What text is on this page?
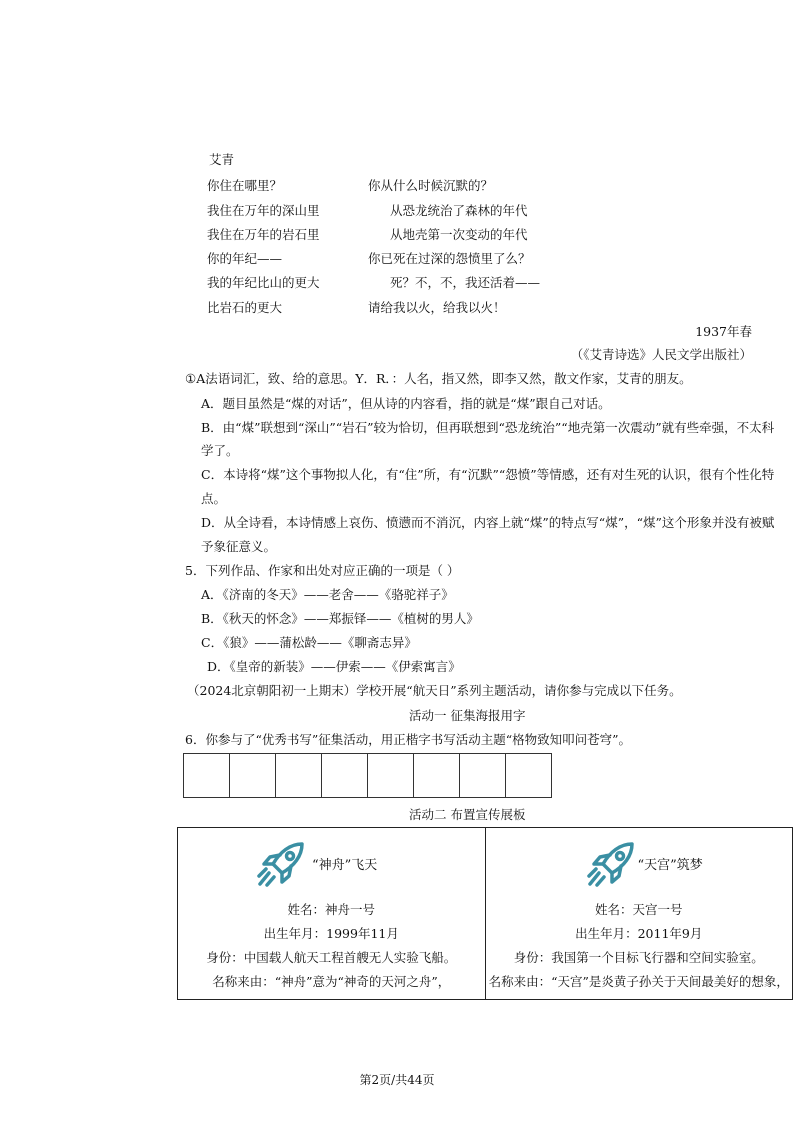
艾青
你住在哪里？
我住在万年的深山里
我住在万年的岩石里
你的年纪——
我的年纪比山的更大
比岩石的更大
你从什么时候沉默的？
从恐龙统治了森林的年代
从地壳第一次变动的年代
你已死在过深的怨愤里了么？
死？不，不，我还活着——
请给我以火，给我以火！
1937年春
（《艾青诗选》人民文学出版社）
①A法语词汇，致、给的意思。Y．R．：人名，指又然，即李又然，散文作家，艾青的朋友。
A．题目虽然是“煤的对话”，但从诗的内容看，指的就是“煤”跟自己对话。
B．由“煤”联想到“深山”“岩石”较为恰切，但再联想到“恐龙统治”“地壳第一次震动”就有些牵强，不太科
学了。
C．本诗将“煤”这个事物拟人化，有“住”所，有“沉默”“怨愤”等情感，还有对生死的认识，很有个性化特
点。
D．从全诗看，本诗情感上哀伤、愤懑而不消沉，内容上就“煤”的特点写“煤”，“煤”这个形象并没有被赋
予象征意义。
5．下列作品、作家和出处对应正确的一项是（ ）
A．《济南的冬天》——老舍——《骆驼祥子》
B．《秋天的怀念》——郑振铎——《植树的男人》
C．《狼》——蒲松龄——《聊斋志异》
D．《皇帝的新装》——伊索——《伊索寓言》
（2024北京朝阳初一上期末）学校开展“航天日”系列主题活动，请你参与完成以下任务。
活动一 征集海报用字
6．你参与了“优秀书写”征集活动，用正楷字书写活动主题“格物致知叩问苍穹”。
活动二 布置宣传展板
“神舟”飞天
姓名：神舟一号
出生年月：1999年11月
身份：中国载人航天工程首艘无人实验飞船。
名称来由：“神舟”意为“神奇的天河之舟”，
“天宫”筑梦
姓名：天宫一号
出生年月：2011年9月
身份：我国第一个目标飞行器和空间实验室。
名称来由：“天宫”是炎黄子孙关于天间最美好的想象，
第2页/共44页
